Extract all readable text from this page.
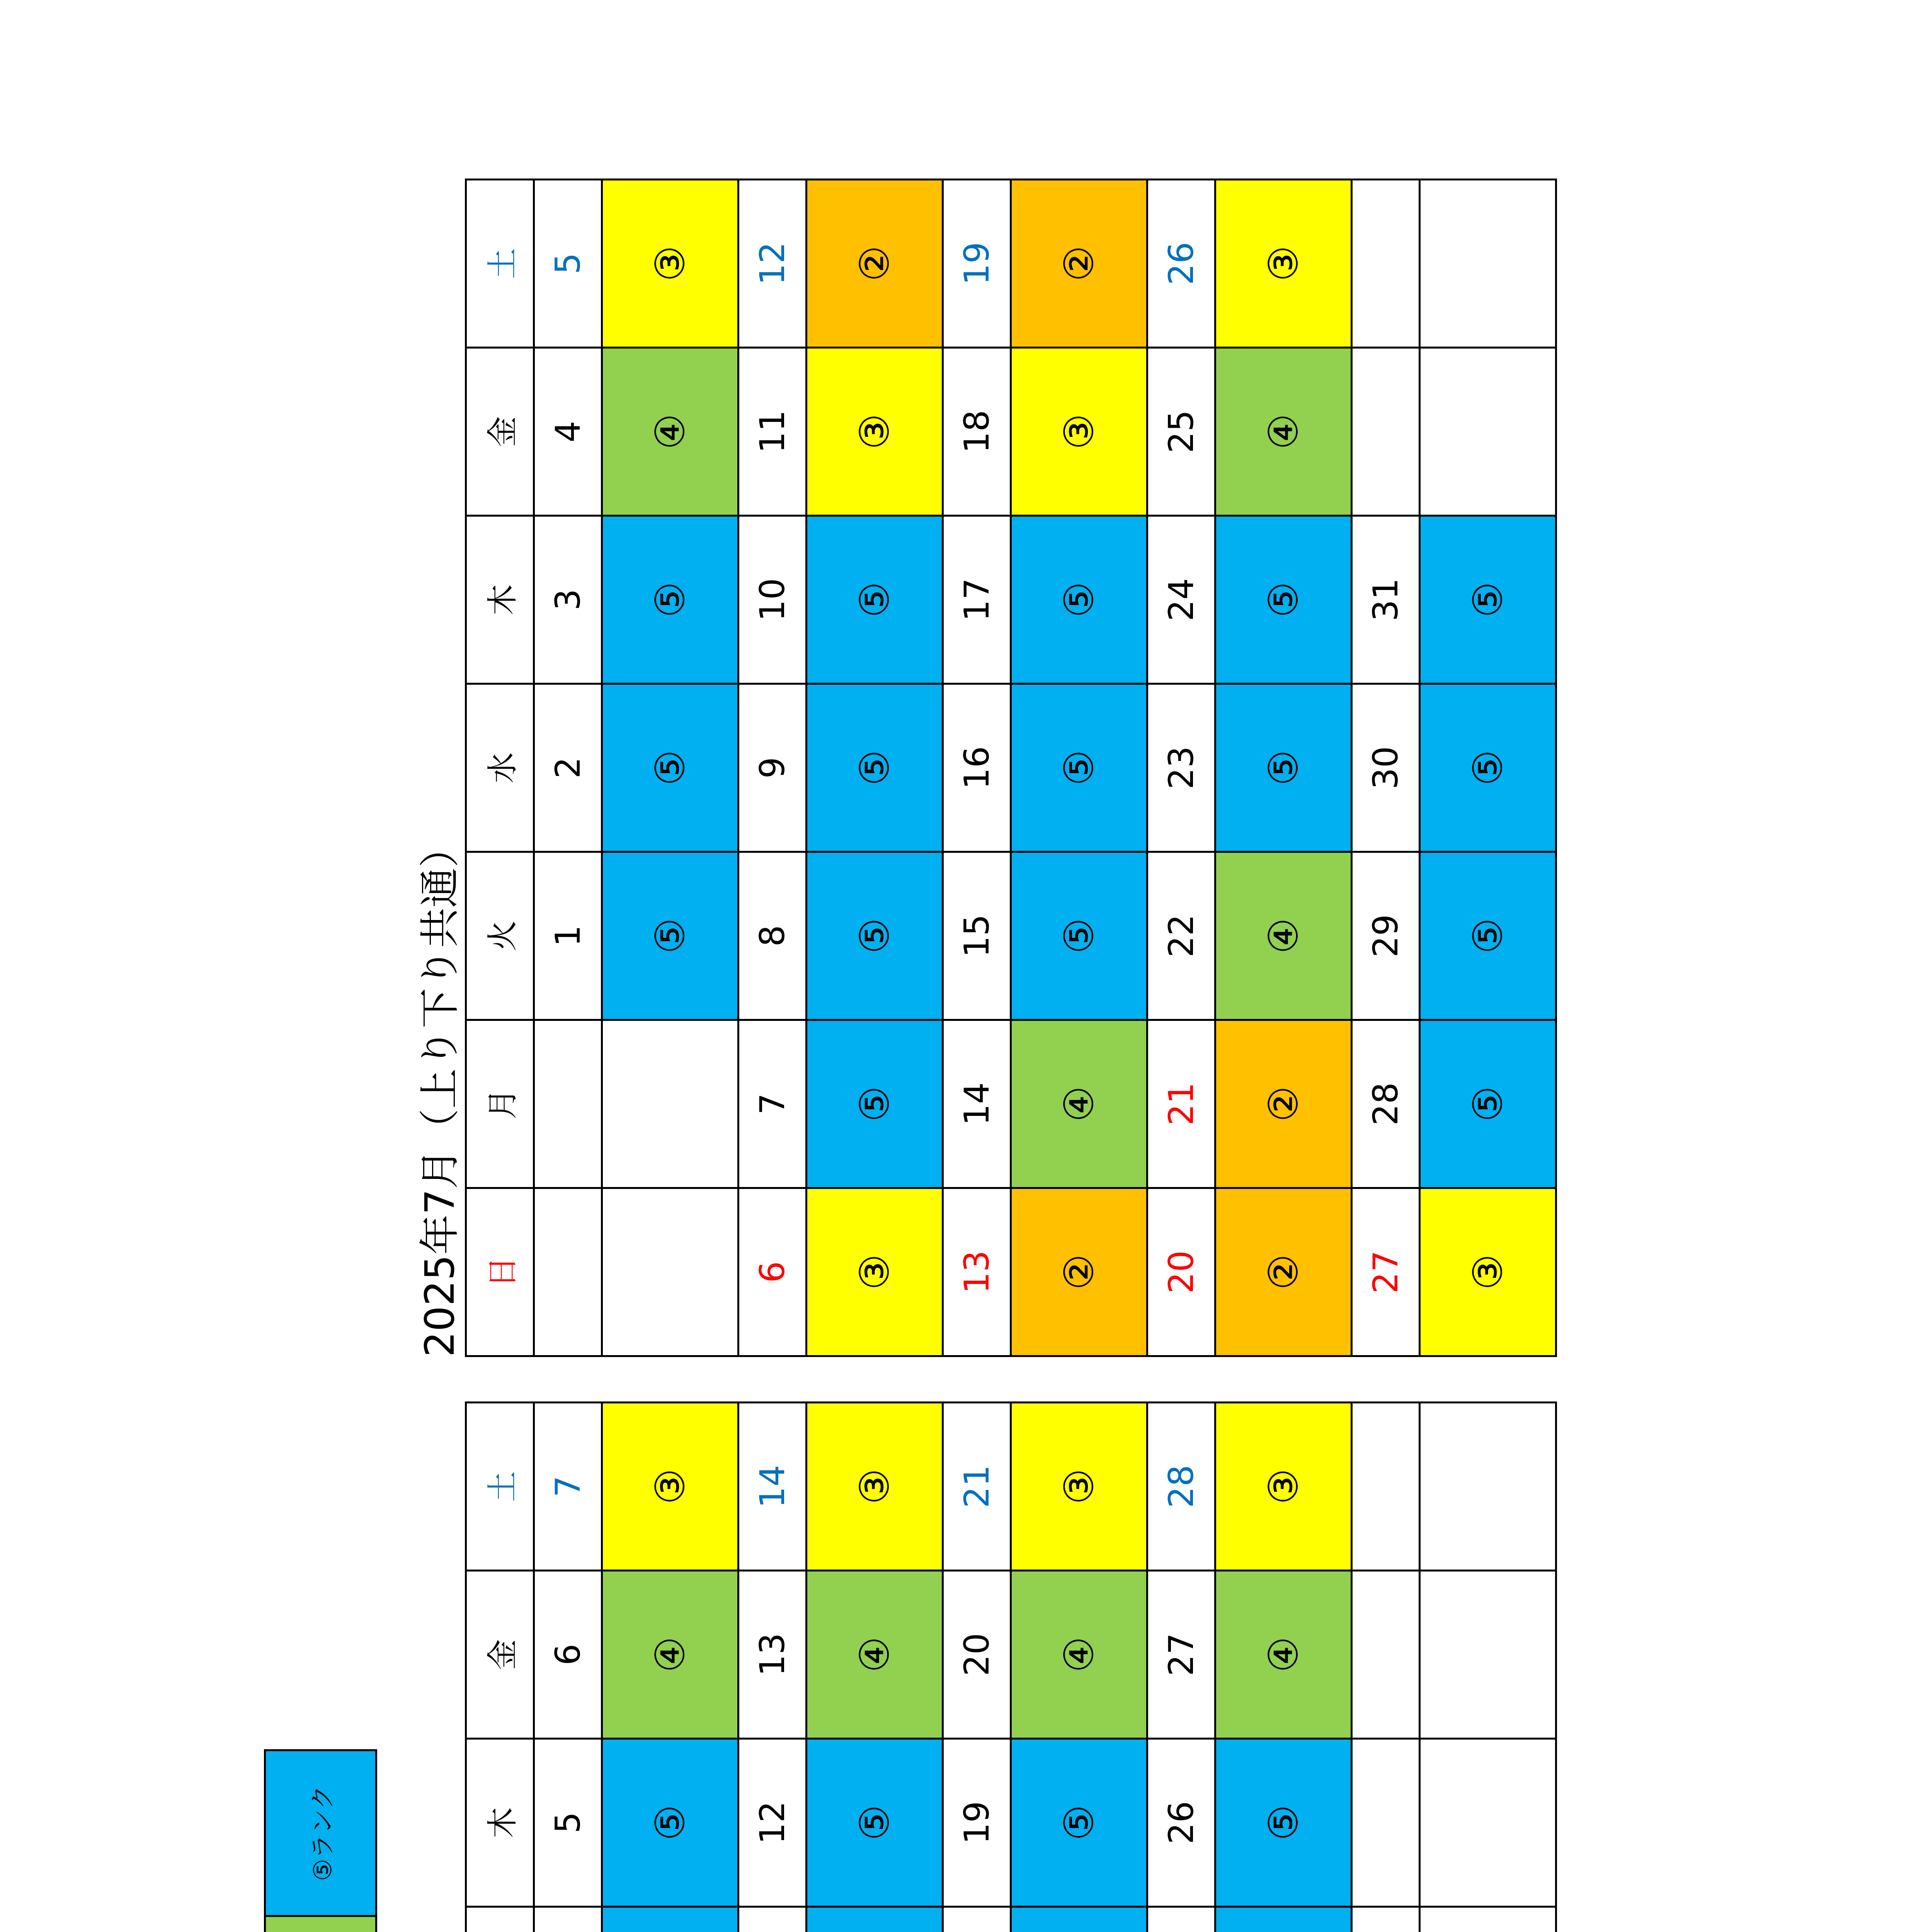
⑤ランク
					木	金	土
				5	6	7
				⑤	④	③
				12	13	14
				⑤	④	③
				19	20	21
				⑤	④	③
				26	27	28
				⑤	④	③

2025年7月（上り下り共通） 日	月	火	水	木	金	土
		1	2	3	4	5
		⑤	⑤	⑤	④	③
6	7	8	9	10	11	12
③	⑤	⑤	⑤	⑤	③	②
13	14	15	16	17	18	19
②	④	⑤	⑤	⑤	③	②
20	21	22	23	24	25	26
②	②	④	⑤	⑤	④	③
27	28	29	30	31		
③	⑤	⑤	⑤	⑤		
